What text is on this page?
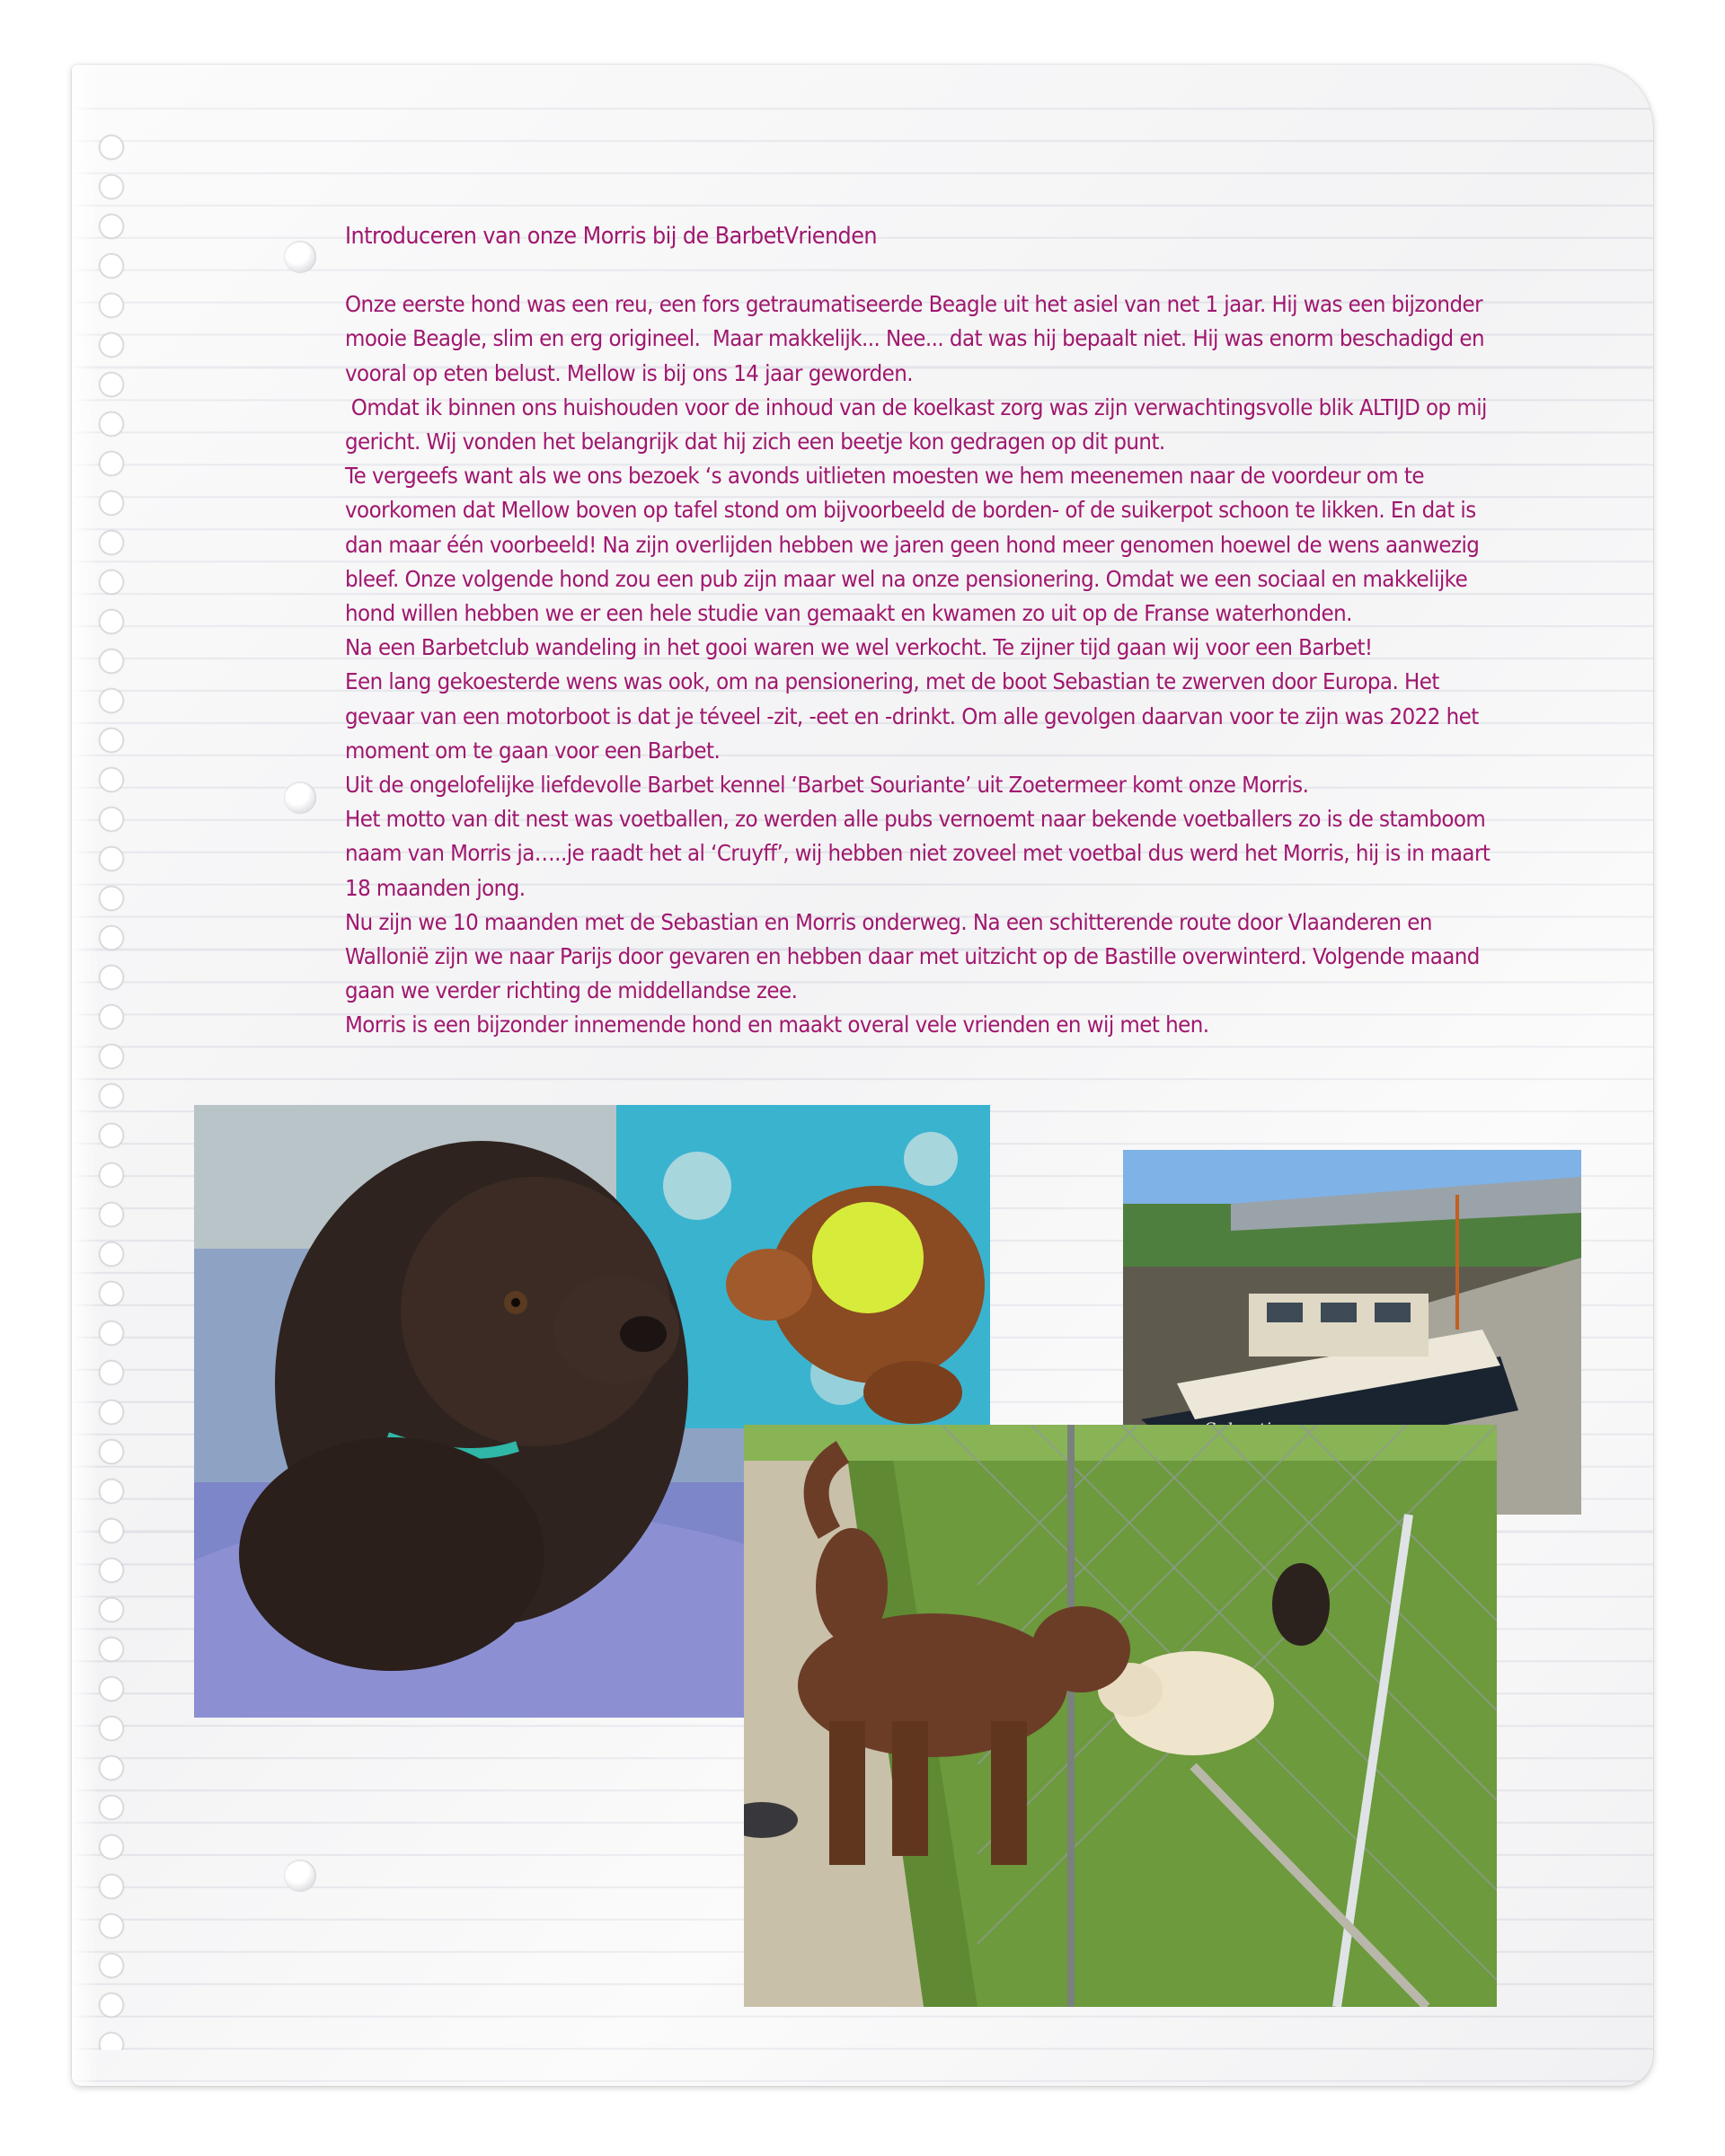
Introduceren van onze Morris bij de BarbetVrienden

Onze eerste hond was een reu, een fors getraumatiseerde Beagle uit het asiel van net 1 jaar. Hij was een bijzonder mooie Beagle, slim en erg origineel.  Maar makkelijk... Nee... dat was hij bepaalt niet. Hij was enorm beschadigd en vooral op eten belust. Mellow is bij ons 14 jaar geworden.

Omdat ik binnen ons huishouden voor de inhoud van de koelkast zorg was zijn verwachtingsvolle blik ALTIJD op mij gericht. Wij vonden het belangrijk dat hij zich een beetje kon gedragen op dit punt.

Te vergeefs want als we ons bezoek ‘s avonds uitlieten moesten we hem meenemen naar de voordeur om te voorkomen dat Mellow boven op tafel stond om bijvoorbeeld de borden- of de suikerpot schoon te likken. En dat is dan maar één voorbeeld! Na zijn overlijden hebben we jaren geen hond meer genomen hoewel de wens aanwezig bleef. Onze volgende hond zou een pub zijn maar wel na onze pensionering. Omdat we een sociaal en makkelijke hond willen hebben we er een hele studie van gemaakt en kwamen zo uit op de Franse waterhonden.

Na een Barbetclub wandeling in het gooi waren we wel verkocht. Te zijner tijd gaan wij voor een Barbet!

Een lang gekoesterde wens was ook, om na pensionering, met de boot Sebastian te zwerven door Europa. Het gevaar van een motorboot is dat je téveel -zit, -eet en -drinkt. Om alle gevolgen daarvan voor te zijn was 2022 het moment om te gaan voor een Barbet.

Uit de ongelofelijke liefdevolle Barbet kennel ‘Barbet Souriante’ uit Zoetermeer komt onze Morris.

Het motto van dit nest was voetballen, zo werden alle pubs vernoemt naar bekende voetballers zo is de stamboom naam van Morris ja…..je raadt het al ‘Cruyff’, wij hebben niet zoveel met voetbal dus werd het Morris, hij is in maart 18 maanden jong.

Nu zijn we 10 maanden met de Sebastian en Morris onderweg. Na een schitterende route door Vlaanderen en Wallonië zijn we naar Parijs door gevaren en hebben daar met uitzicht op de Bastille overwinterd. Volgende maand gaan we verder richting de middellandse zee.

Morris is een bijzonder innemende hond en maakt overal vele vrienden en wij met hen.
